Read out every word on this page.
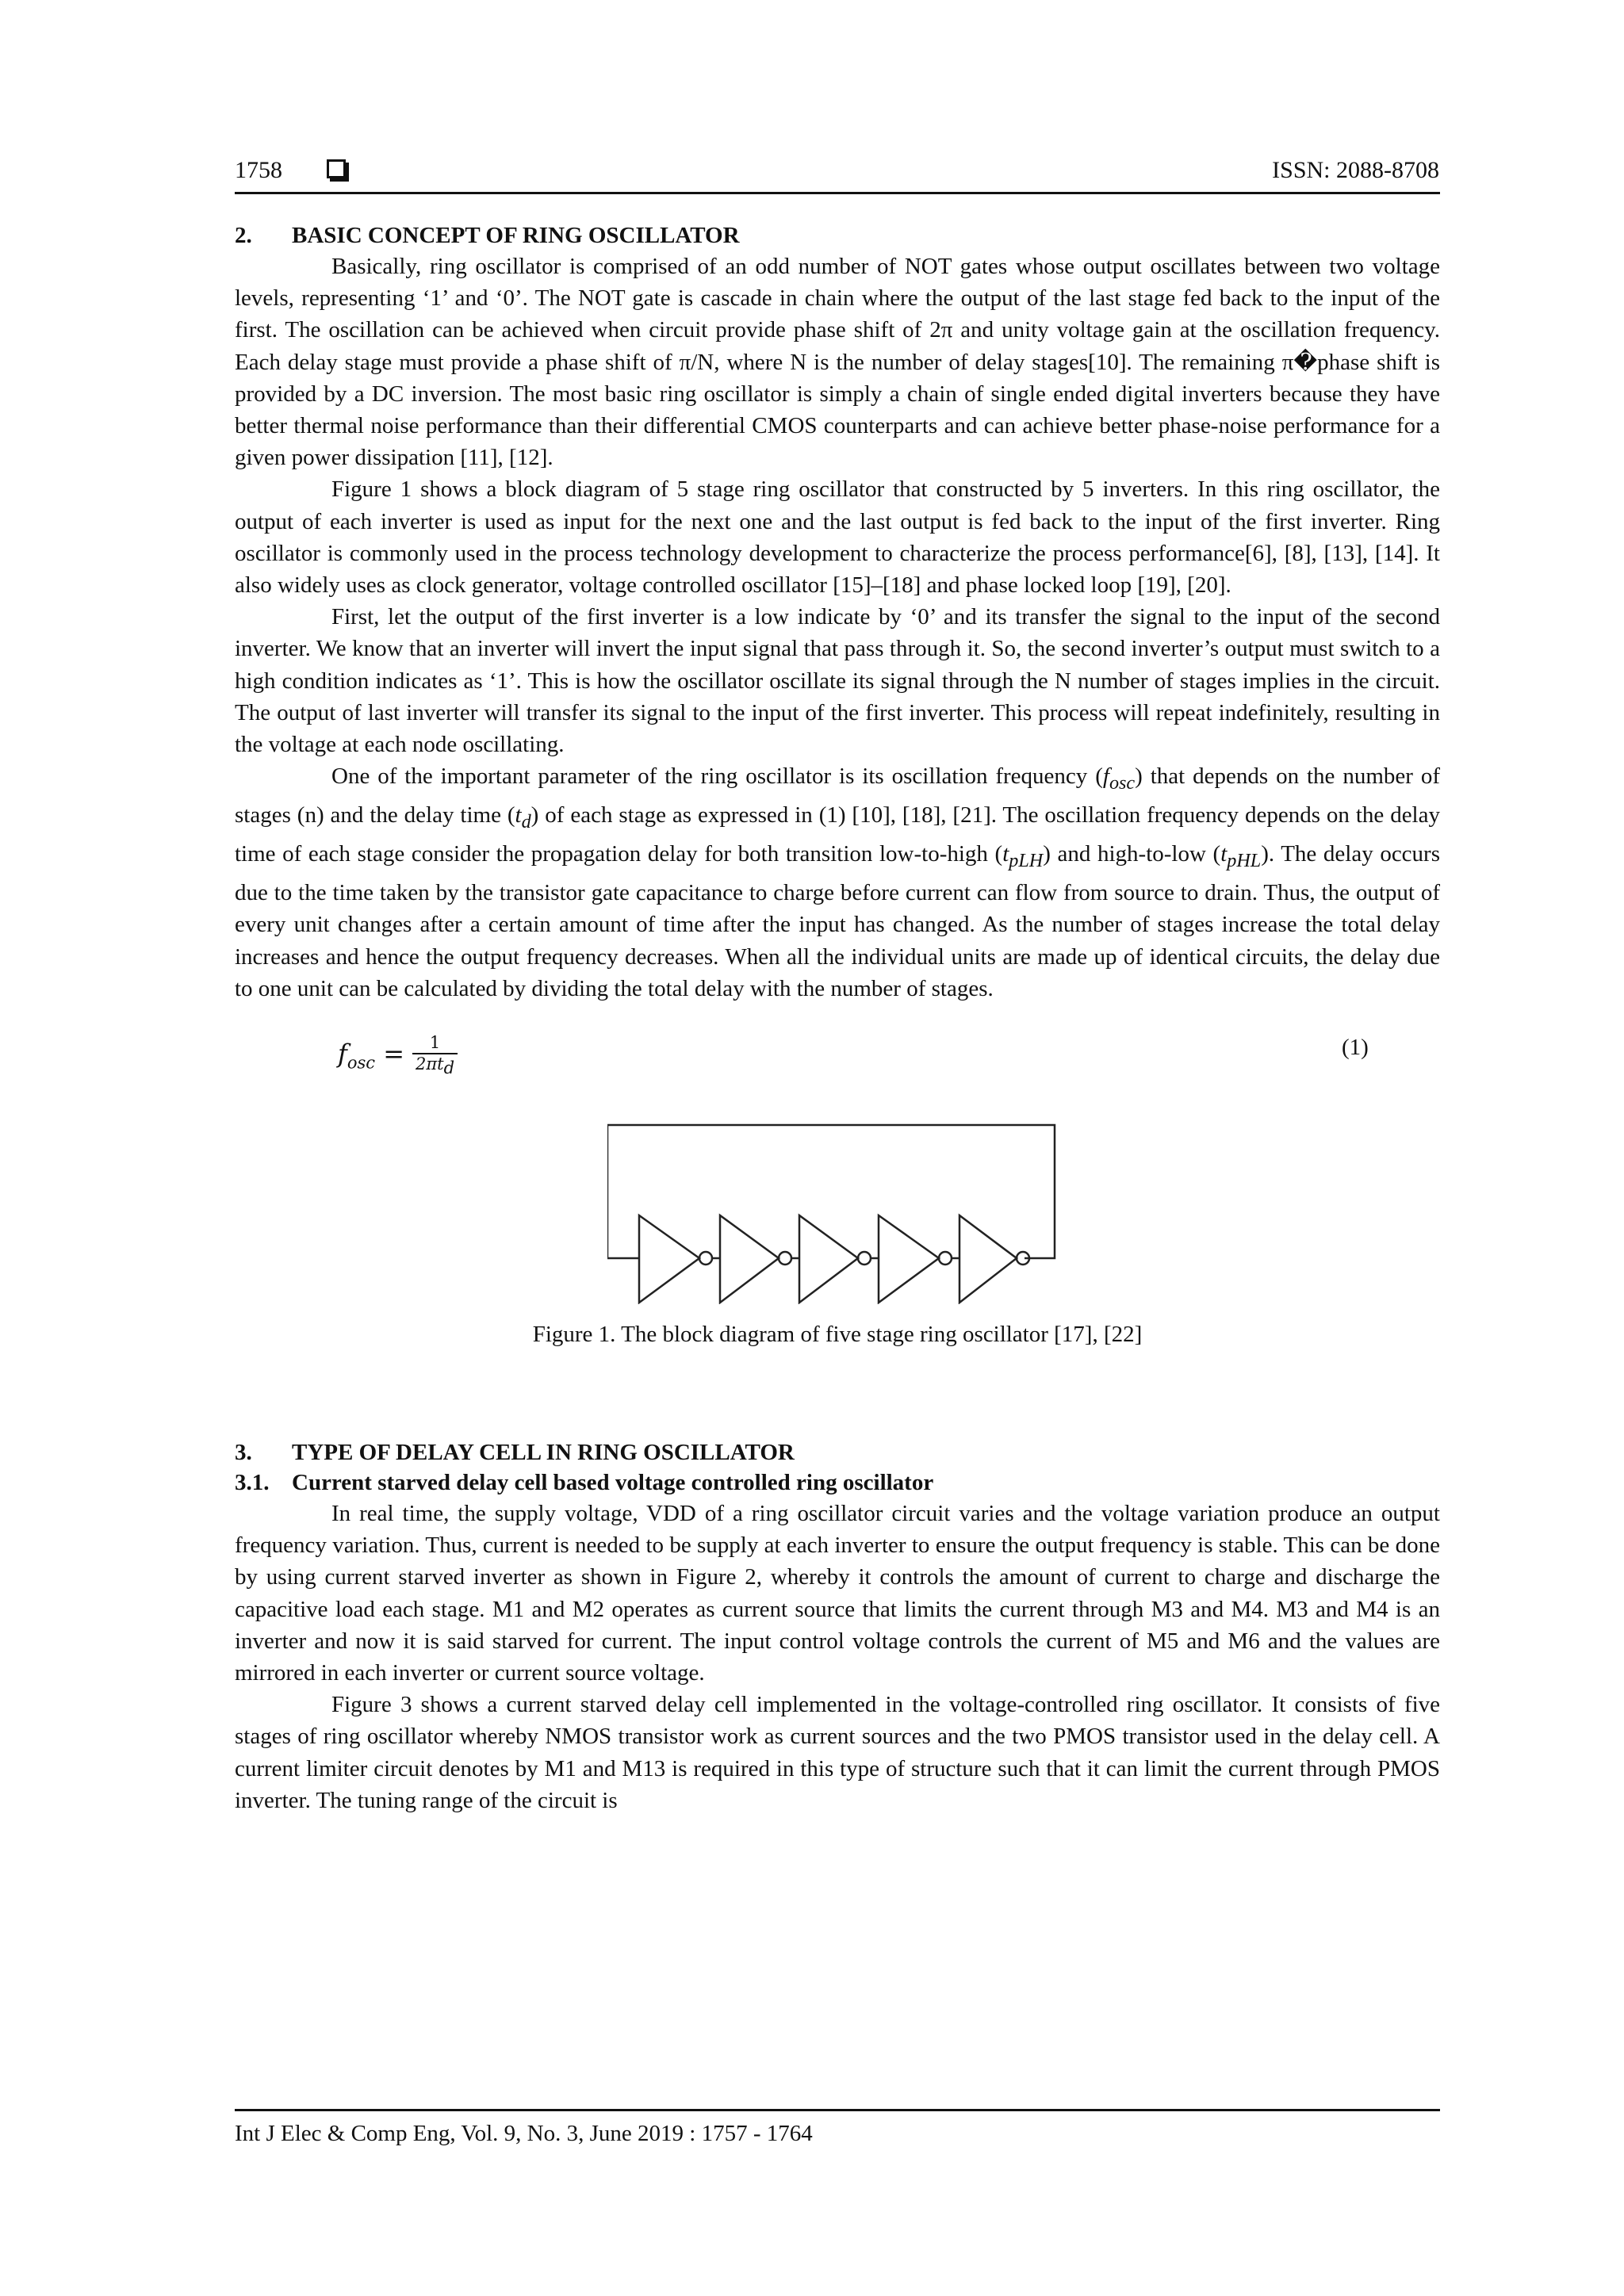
1758	ISSN: 2088-8708
2. BASIC CONCEPT OF RING OSCILLATOR

Basically, ring oscillator is comprised of an odd number of NOT gates whose output oscillates between two voltage levels, representing ‘1’ and ‘0’. The NOT gate is cascade in chain where the output of the last stage fed back to the input of the first. The oscillation can be achieved when circuit provide phase shift of 2π and unity voltage gain at the oscillation frequency. Each delay stage must provide a phase shift of π/N, where N is the number of delay stages[10]. The remaining π⁠�phase shift is provided by a DC inversion. The most basic ring oscillator is simply a chain of single ended digital inverters because they have better thermal noise performance than their differential CMOS counterparts and can achieve better phase-noise performance for a given power dissipation [11], [12].

Figure 1 shows a block diagram of 5 stage ring oscillator that constructed by 5 inverters. In this ring oscillator, the output of each inverter is used as input for the next one and the last output is fed back to the input of the first inverter. Ring oscillator is commonly used in the process technology development to characterize the process performance[6], [8], [13], [14]. It also widely uses as clock generator, voltage controlled oscillator [15]–[18] and phase locked loop [19], [20].

First, let the output of the first inverter is a low indicate by ‘0’ and its transfer the signal to the input of the second inverter. We know that an inverter will invert the input signal that pass through it. So, the second inverter’s output must switch to a high condition indicates as ‘1’. This is how the oscillator oscillate its signal through the N number of stages implies in the circuit. The output of last inverter will transfer its signal to the input of the first inverter. This process will repeat indefinitely, resulting in the voltage at each node oscillating.

One of the important parameter of the ring oscillator is its oscillation frequency $(f_{osc})$ that depends on the number of stages (n) and the delay time $(t_d)$ of each stage as expressed in (1) [10], [18], [21]. The oscillation frequency depends on the delay time of each stage consider the propagation delay for both transition low-to-high $(t_{pLH})$ and high-to-low $(t_{pHL})$. The delay occurs due to the time taken by the transistor gate capacitance to charge before current can flow from source to drain. Thus, the output of every unit changes after a certain amount of time after the input has changed. As the number of stages increase the total delay increases and hence the output frequency decreases. When all the individual units are made up of identical circuits, the delay due to one unit can be calculated by dividing the total delay with the number of stages.

$f_{osc} = \frac{1}{2\pi t_d}$	(1)
Figure 1. The block diagram of five stage ring oscillator [17], [22]
3. TYPE OF DELAY CELL IN RING OSCILLATOR
3.1. Current starved delay cell based voltage controlled ring oscillator

In real time, the supply voltage, VDD of a ring oscillator circuit varies and the voltage variation produce an output frequency variation. Thus, current is needed to be supply at each inverter to ensure the output frequency is stable. This can be done by using current starved inverter as shown in Figure 2, whereby it controls the amount of current to charge and discharge the capacitive load each stage. M1 and M2 operates as current source that limits the current through M3 and M4. M3 and M4 is an inverter and now it is said starved for current. The input control voltage controls the current of M5 and M6 and the values are mirrored in each inverter or current source voltage.

Figure 3 shows a current starved delay cell implemented in the voltage-controlled ring oscillator. It consists of five stages of ring oscillator whereby NMOS transistor work as current sources and the two PMOS transistor used in the delay cell. A current limiter circuit denotes by M1 and M13 is required in this type of structure such that it can limit the current through PMOS inverter. The tuning range of the circuit is

Int J Elec & Comp Eng, Vol. 9, No. 3, June 2019 : 1757 - 1764
